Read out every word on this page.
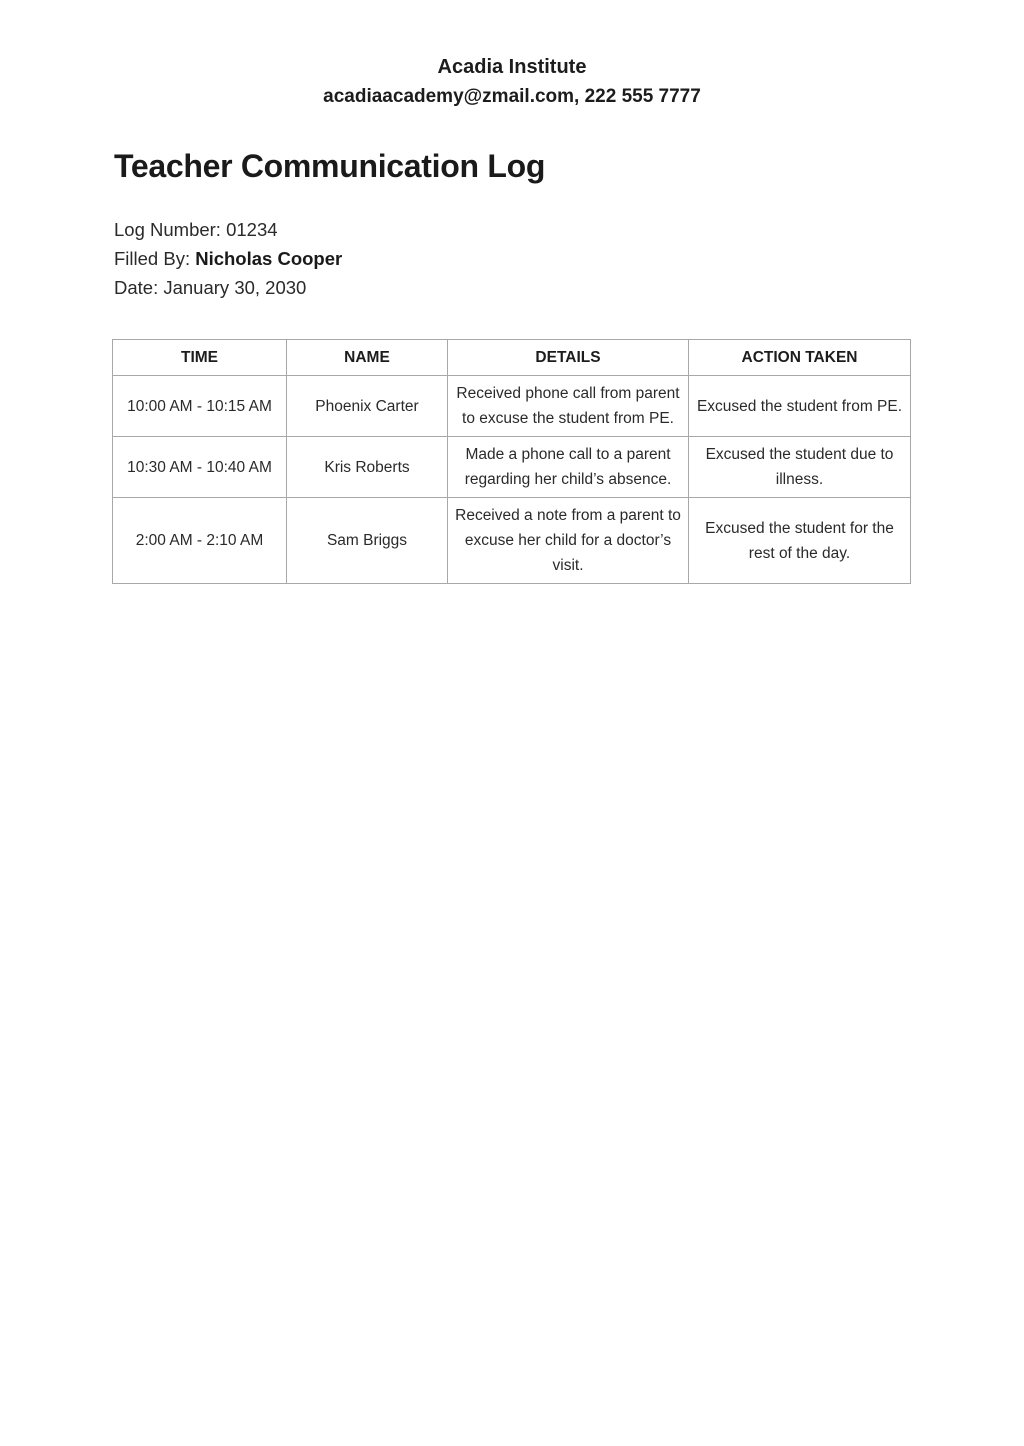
Acadia Institute
acadiaacademy@zmail.com, 222 555 7777
Teacher Communication Log
Log Number: 01234
Filled By: Nicholas Cooper
Date: January 30, 2030
TIME	NAME	DETAILS	ACTION TAKEN
10:00 AM - 10:15 AM	Phoenix Carter	Received phone call from parent to excuse the student from PE.	Excused the student from PE.
10:30 AM - 10:40 AM	Kris Roberts	Made a phone call to a parent regarding her child’s absence.	Excused the student due to illness.
2:00 AM - 2:10 AM	Sam Briggs	Received a note from a parent to excuse her child for a doctor’s visit.	Excused the student for the rest of the day.
